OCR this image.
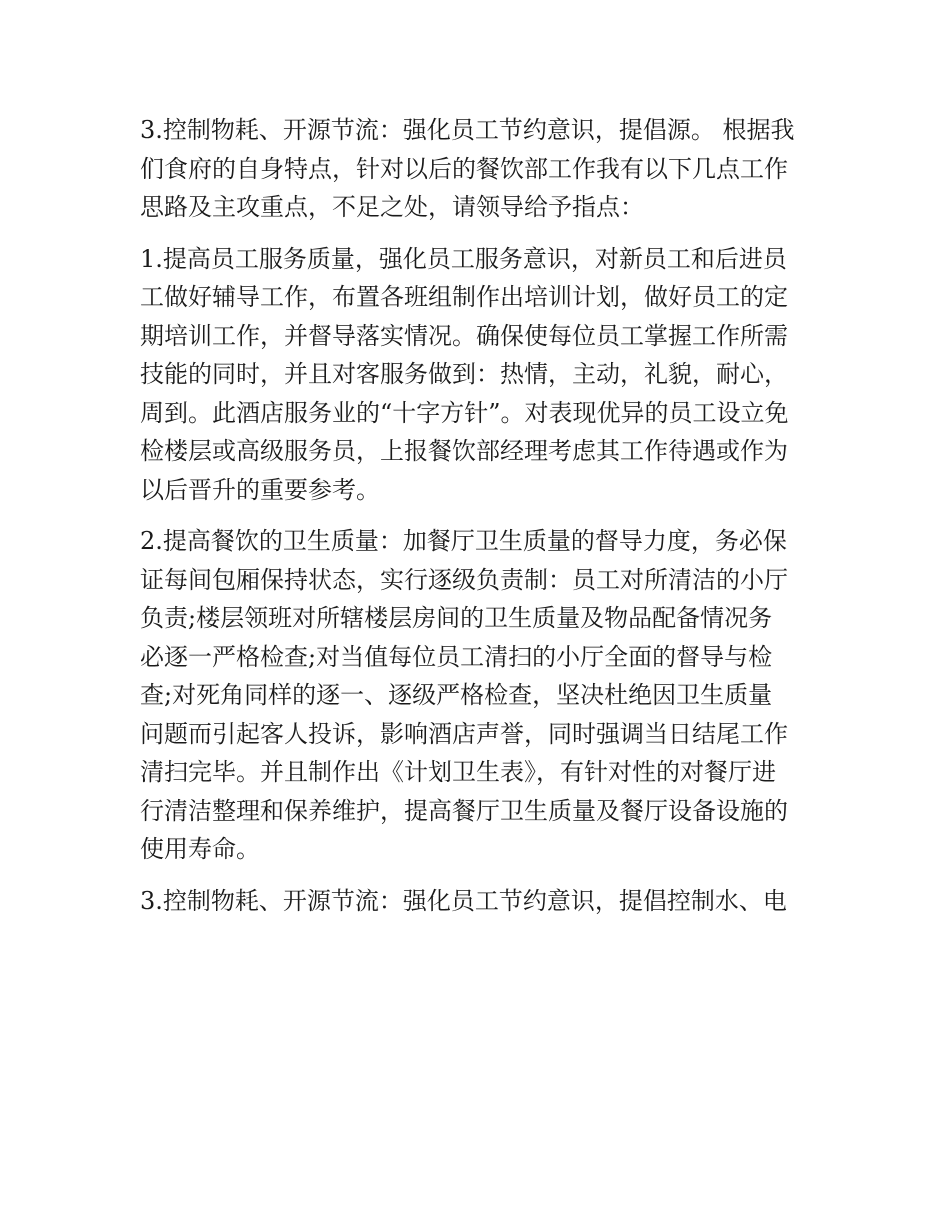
3.控制物耗、开源节流：强化员工节约意识，提倡源。 根据我
们食府的自身特点，针对以后的餐饮部工作我有以下几点工作
思路及主攻重点，不足之处，请领导给予指点：
1.提高员工服务质量，强化员工服务意识，对新员工和后进员
工做好辅导工作，布置各班组制作出培训计划，做好员工的定
期培训工作，并督导落实情况。确保使每位员工掌握工作所需
技能的同时，并且对客服务做到：热情，主动，礼貌，耐心，
周到。此酒店服务业的“十字方针”。对表现优异的员工设立免
检楼层或高级服务员，上报餐饮部经理考虑其工作待遇或作为
以后晋升的重要参考。
2.提高餐饮的卫生质量：加餐厅卫生质量的督导力度，务必保
证每间包厢保持状态，实行逐级负责制：员工对所清洁的小厅
负责;楼层领班对所辖楼层房间的卫生质量及物品配备情况务
必逐一严格检查;对当值每位员工清扫的小厅全面的督导与检
查;对死角同样的逐一、逐级严格检查，坚决杜绝因卫生质量
问题而引起客人投诉，影响酒店声誉，同时强调当日结尾工作
清扫完毕。并且制作出《计划卫生表》，有针对性的对餐厅进
行清洁整理和保养维护，提高餐厅卫生质量及餐厅设备设施的
使用寿命。
3.控制物耗、开源节流：强化员工节约意识，提倡控制水、电
